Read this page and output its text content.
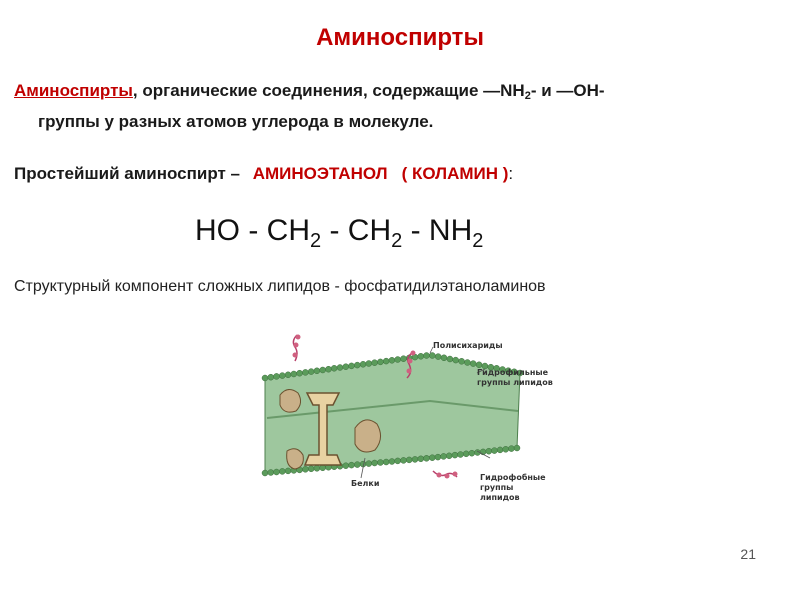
Аминоспирты
Аминоспирты, органические соединения, содержащие $—NH_2-$ и —ОН-
группы у разных атомов углерода в молекуле.
Простейший аминоспирт – АМИНОЭТАНОЛ ( КОЛАМИН ):
HO - $CH_2 - CH_2 - NH_2$
Структурный компонент сложных липидов - фосфатидилэтаноламинов
Полисихариды
Гидрофильные
группы липидов
Белки
Гидрофобные
группы липидов
21
